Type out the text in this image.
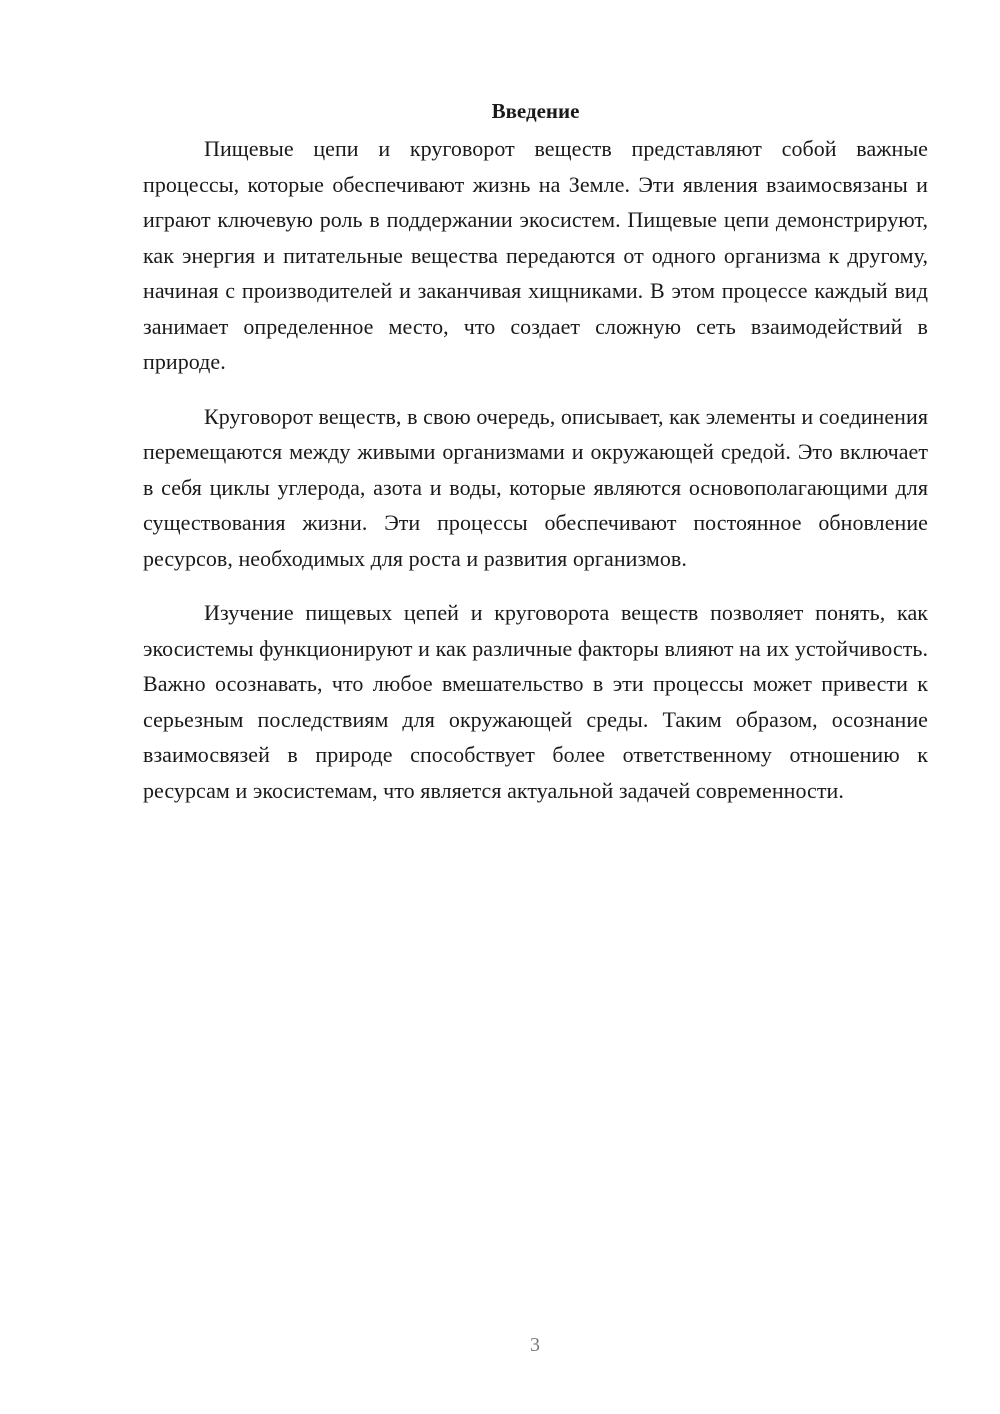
Введение

Пищевые цепи и круговорот веществ представляют собой важные процессы, которые обеспечивают жизнь на Земле. Эти явления взаимосвязаны и играют ключевую роль в поддержании экосистем. Пищевые цепи демонстрируют, как энергия и питательные вещества передаются от одного организма к другому, начиная с производителей и заканчивая хищниками. В этом процессе каждый вид занимает определенное место, что создает сложную сеть взаимодействий в природе.

Круговорот веществ, в свою очередь, описывает, как элементы и соединения перемещаются между живыми организмами и окружающей средой. Это включает в себя циклы углерода, азота и воды, которые являются основополагающими для существования жизни. Эти процессы обеспечивают постоянное обновление ресурсов, необходимых для роста и развития организмов.

Изучение пищевых цепей и круговорота веществ позволяет понять, как экосистемы функционируют и как различные факторы влияют на их устойчивость. Важно осознавать, что любое вмешательство в эти процессы может привести к серьезным последствиям для окружающей среды. Таким образом, осознание взаимосвязей в природе способствует более ответственному отношению к ресурсам и экосистемам, что является актуальной задачей современности.

3
